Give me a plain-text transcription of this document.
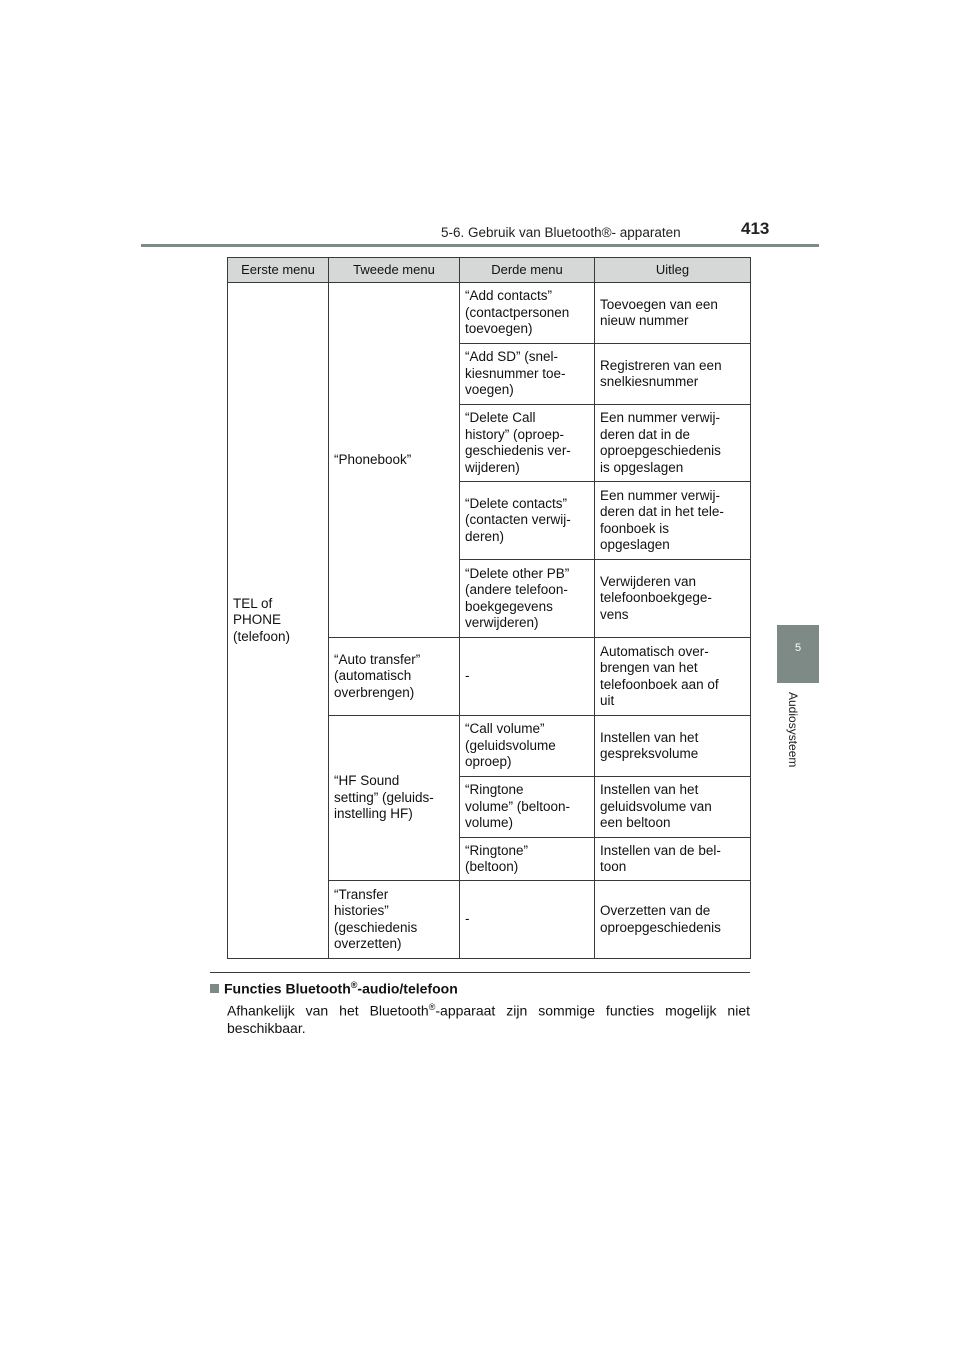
5-6. Gebruik van Bluetooth®- apparaten	413
5
Audiosysteem
Eerste menu	Tweede menu	Derde menu	Uitleg
TEL of
PHONE
(telefoon)	“Phonebook”	“Add contacts”
(contactpersonen
toevoegen)	Toevoegen van een
nieuw nummer
		“Add SD” (snel-
kiesnummer toe-
voegen)	Registreren van een
snelkiesnummer
		“Delete Call
history” (oproep-
geschiedenis ver-
wijderen)	Een nummer verwij-
deren dat in de
oproepgeschiedenis
is opgeslagen
		“Delete contacts”
(contacten verwij-
deren)	Een nummer verwij-
deren dat in het tele-
foonboek is
opgeslagen
		“Delete other PB”
(andere telefoon-
boekgegevens
verwijderen)	Verwijderen van
telefoonboekgege-
vens
	“Auto transfer”
(automatisch
overbrengen)	-	Automatisch over-
brengen van het
telefoonboek aan of
uit
	“HF Sound
setting” (geluids-
instelling HF)	“Call volume”
(geluidsvolume
oproep)	Instellen van het
gespreksvolume
		“Ringtone
volume” (beltoon-
volume)	Instellen van het
geluidsvolume van
een beltoon
		“Ringtone”
(beltoon)	Instellen van de bel-
toon
	“Transfer
histories”
(geschiedenis
overzetten)	-	Overzetten van de
oproepgeschiedenis
Functies Bluetooth®-audio/telefoon
Afhankelijk van het Bluetooth®-apparaat zijn sommige functies mogelijk niet beschikbaar.
